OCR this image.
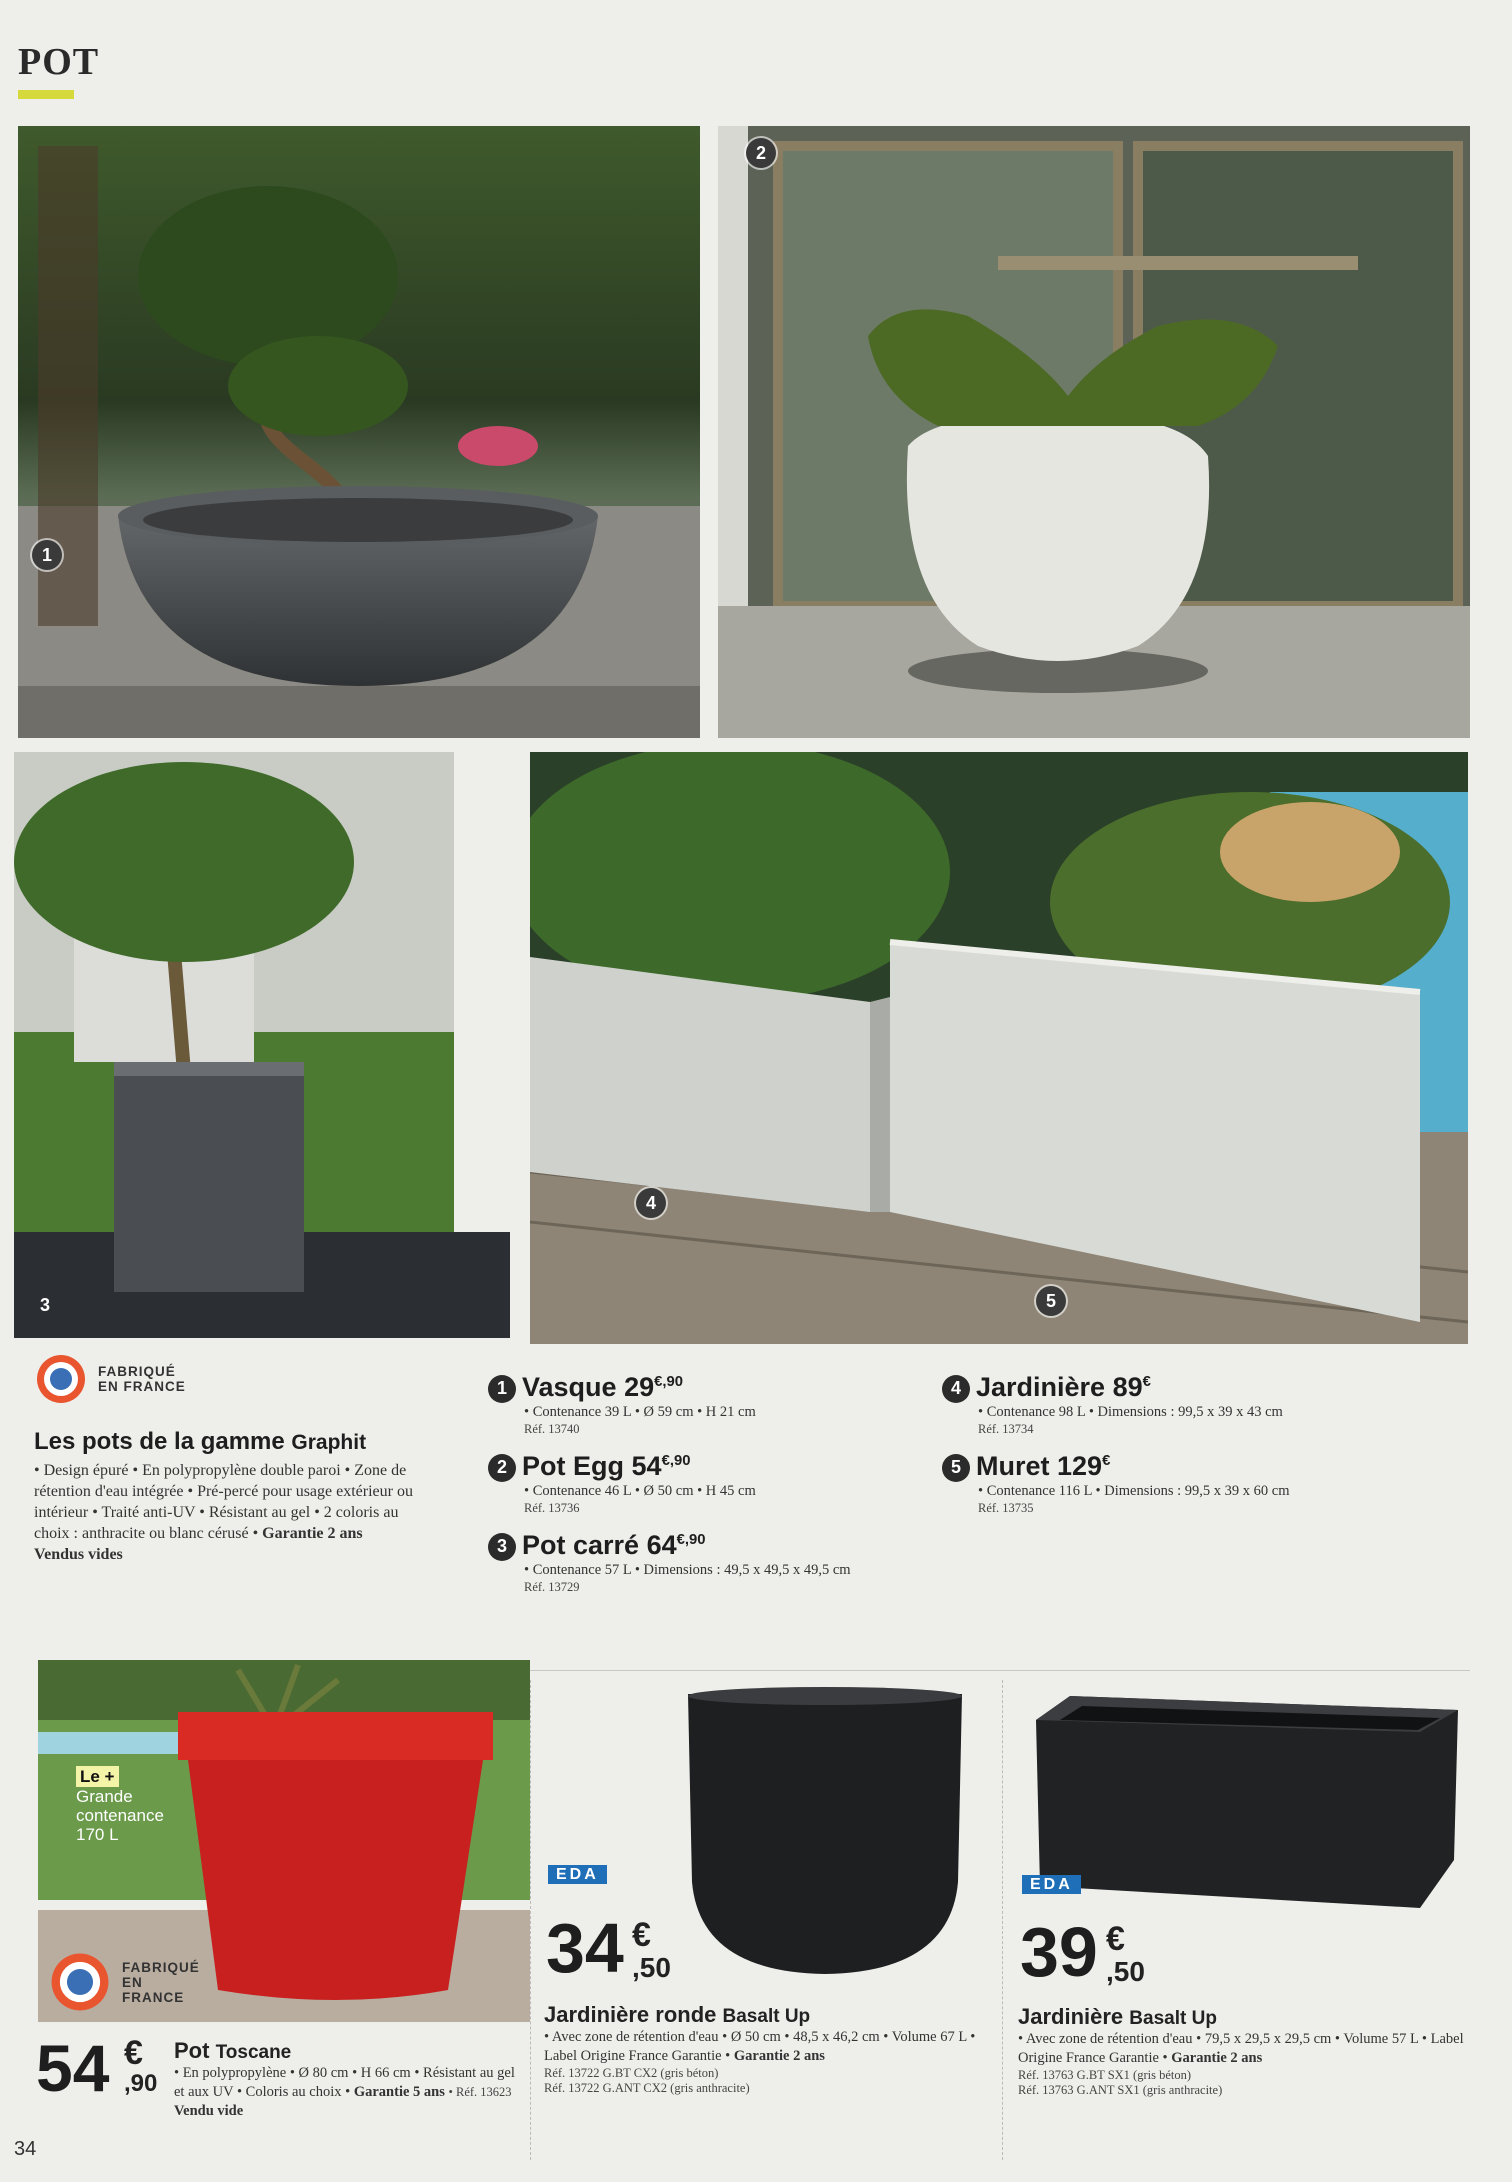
POT
1
2
3
4
5
FABRIQUÉ
EN FRANCE
Les pots de la gamme Graphit
• Design épuré • En polypropylène double paroi • Zone de rétention d'eau intégrée • Pré-percé pour usage extérieur ou intérieur • Traité anti-UV • Résistant au gel • 2 coloris au choix : anthracite ou blanc cérusé • Garantie 2 ans
Vendus vides
1 Vasque $29^{€,90}$
• Contenance 39 L • Ø 59 cm • H 21 cm
Réf. 13740
2 Pot Egg $54^{€,90}$
• Contenance 46 L • Ø 50 cm • H 45 cm
Réf. 13736
3 Pot carré $64^{€,90}$
• Contenance 57 L • Dimensions : 49,5 x 49,5 x 49,5 cm
Réf. 13729
4 Jardinière 89€
• Contenance 98 L • Dimensions : 99,5 x 39 x 43 cm
Réf. 13734
5 Muret 129€
• Contenance 116 L • Dimensions : 99,5 x 39 x 60 cm
Réf. 13735
Le +
Grande
contenance
170 L
FABRIQUÉ
EN FRANCE
54 €
,90
Pot Toscane
• En polypropylène • Ø 80 cm • H 66 cm • Résistant au gel et aux UV • Coloris au choix • Garantie 5 ans • Réf. 13623
Vendu vide
EDA
34 €
,50
Jardinière ronde Basalt Up
• Avec zone de rétention d'eau • Ø 50 cm • 48,5 x 46,2 cm • Volume 67 L • Label Origine France Garantie • Garantie 2 ans
Réf. 13722 G.BT CX2 (gris béton)
Réf. 13722 G.ANT CX2 (gris anthracite)
EDA
39 €
,50
Jardinière Basalt Up
• Avec zone de rétention d'eau • 79,5 x 29,5 x 29,5 cm • Volume 57 L • Label Origine France Garantie • Garantie 2 ans
Réf. 13763 G.BT SX1 (gris béton)
Réf. 13763 G.ANT SX1 (gris anthracite)
34
